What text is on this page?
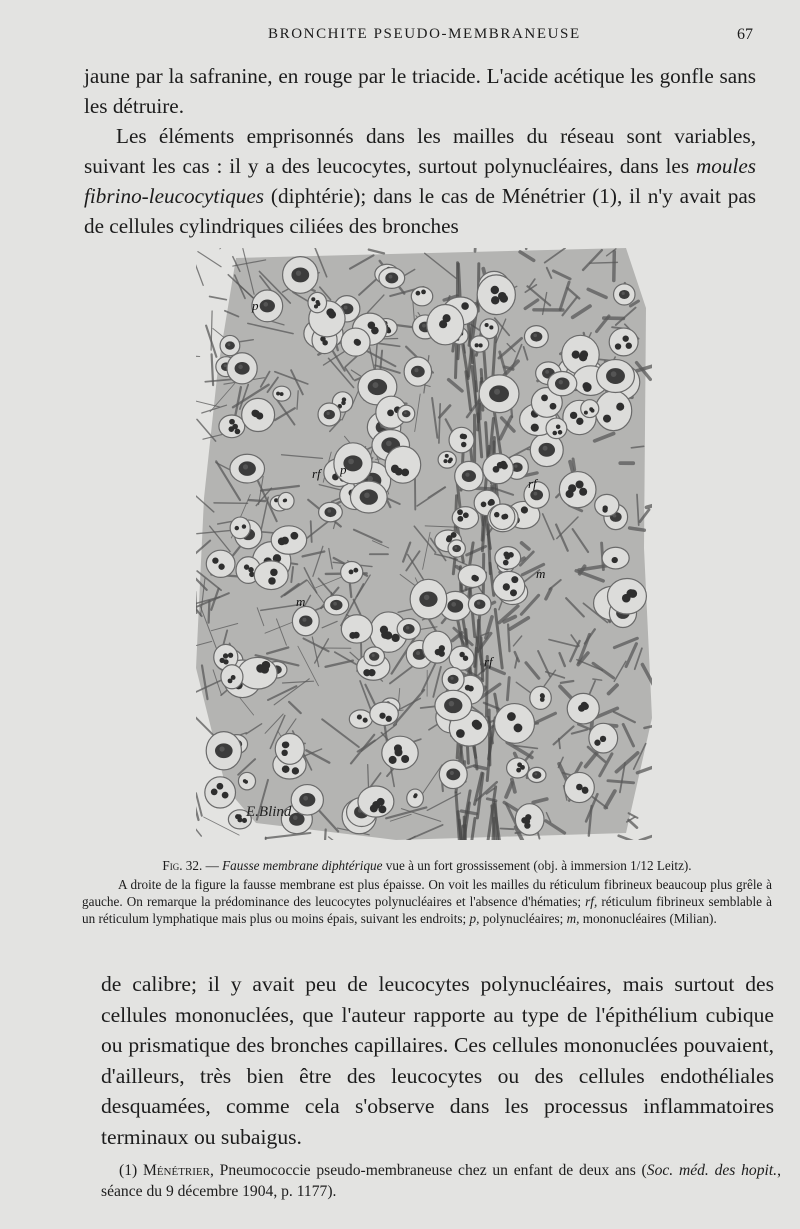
BRONCHITE PSEUDO-MEMBRANEUSE	67

jaune par la safranine, en rouge par le triacide. L'acide acétique les gonfle sans les détruire.

Les éléments emprisonnés dans les mailles du réseau sont variables, suivant les cas : il y a des leucocytes, surtout polynucléaires, dans les moules fibrino-leucocytiques (diphtérie); dans le cas de Ménétrier (1), il n'y avait pas de cellules cylindriques ciliées des bronches

p
rf p
rf
m
m
rf
E.Blind

Fig. 32. — Fausse membrane diphtérique vue à un fort grossissement (obj. à immersion 1/12 Leitz).

A droite de la figure la fausse membrane est plus épaisse. On voit les mailles du réticulum fibrineux beaucoup plus grêle à gauche. On remarque la prédominance des leucocytes polynucléaires et l'absence d'hématies; rf, réticulum fibrineux semblable à un réticulum lymphatique mais plus ou moins épais, suivant les endroits; p, polynucléaires; m, mononucléaires (Milian).

de calibre; il y avait peu de leucocytes polynucléaires, mais surtout des cellules mononuclées, que l'auteur rapporte au type de l'épithélium cubique ou prismatique des bronches capillaires. Ces cellules mononuclées pouvaient, d'ailleurs, très bien être des leucocytes ou des cellules endothéliales desquamées, comme cela s'observe dans les processus inflammatoires terminaux ou subaigus.

(1) Ménétrier, Pneumococcie pseudo-membraneuse chez un enfant de deux ans (Soc. méd. des hopit., séance du 9 décembre 1904, p. 1177).
